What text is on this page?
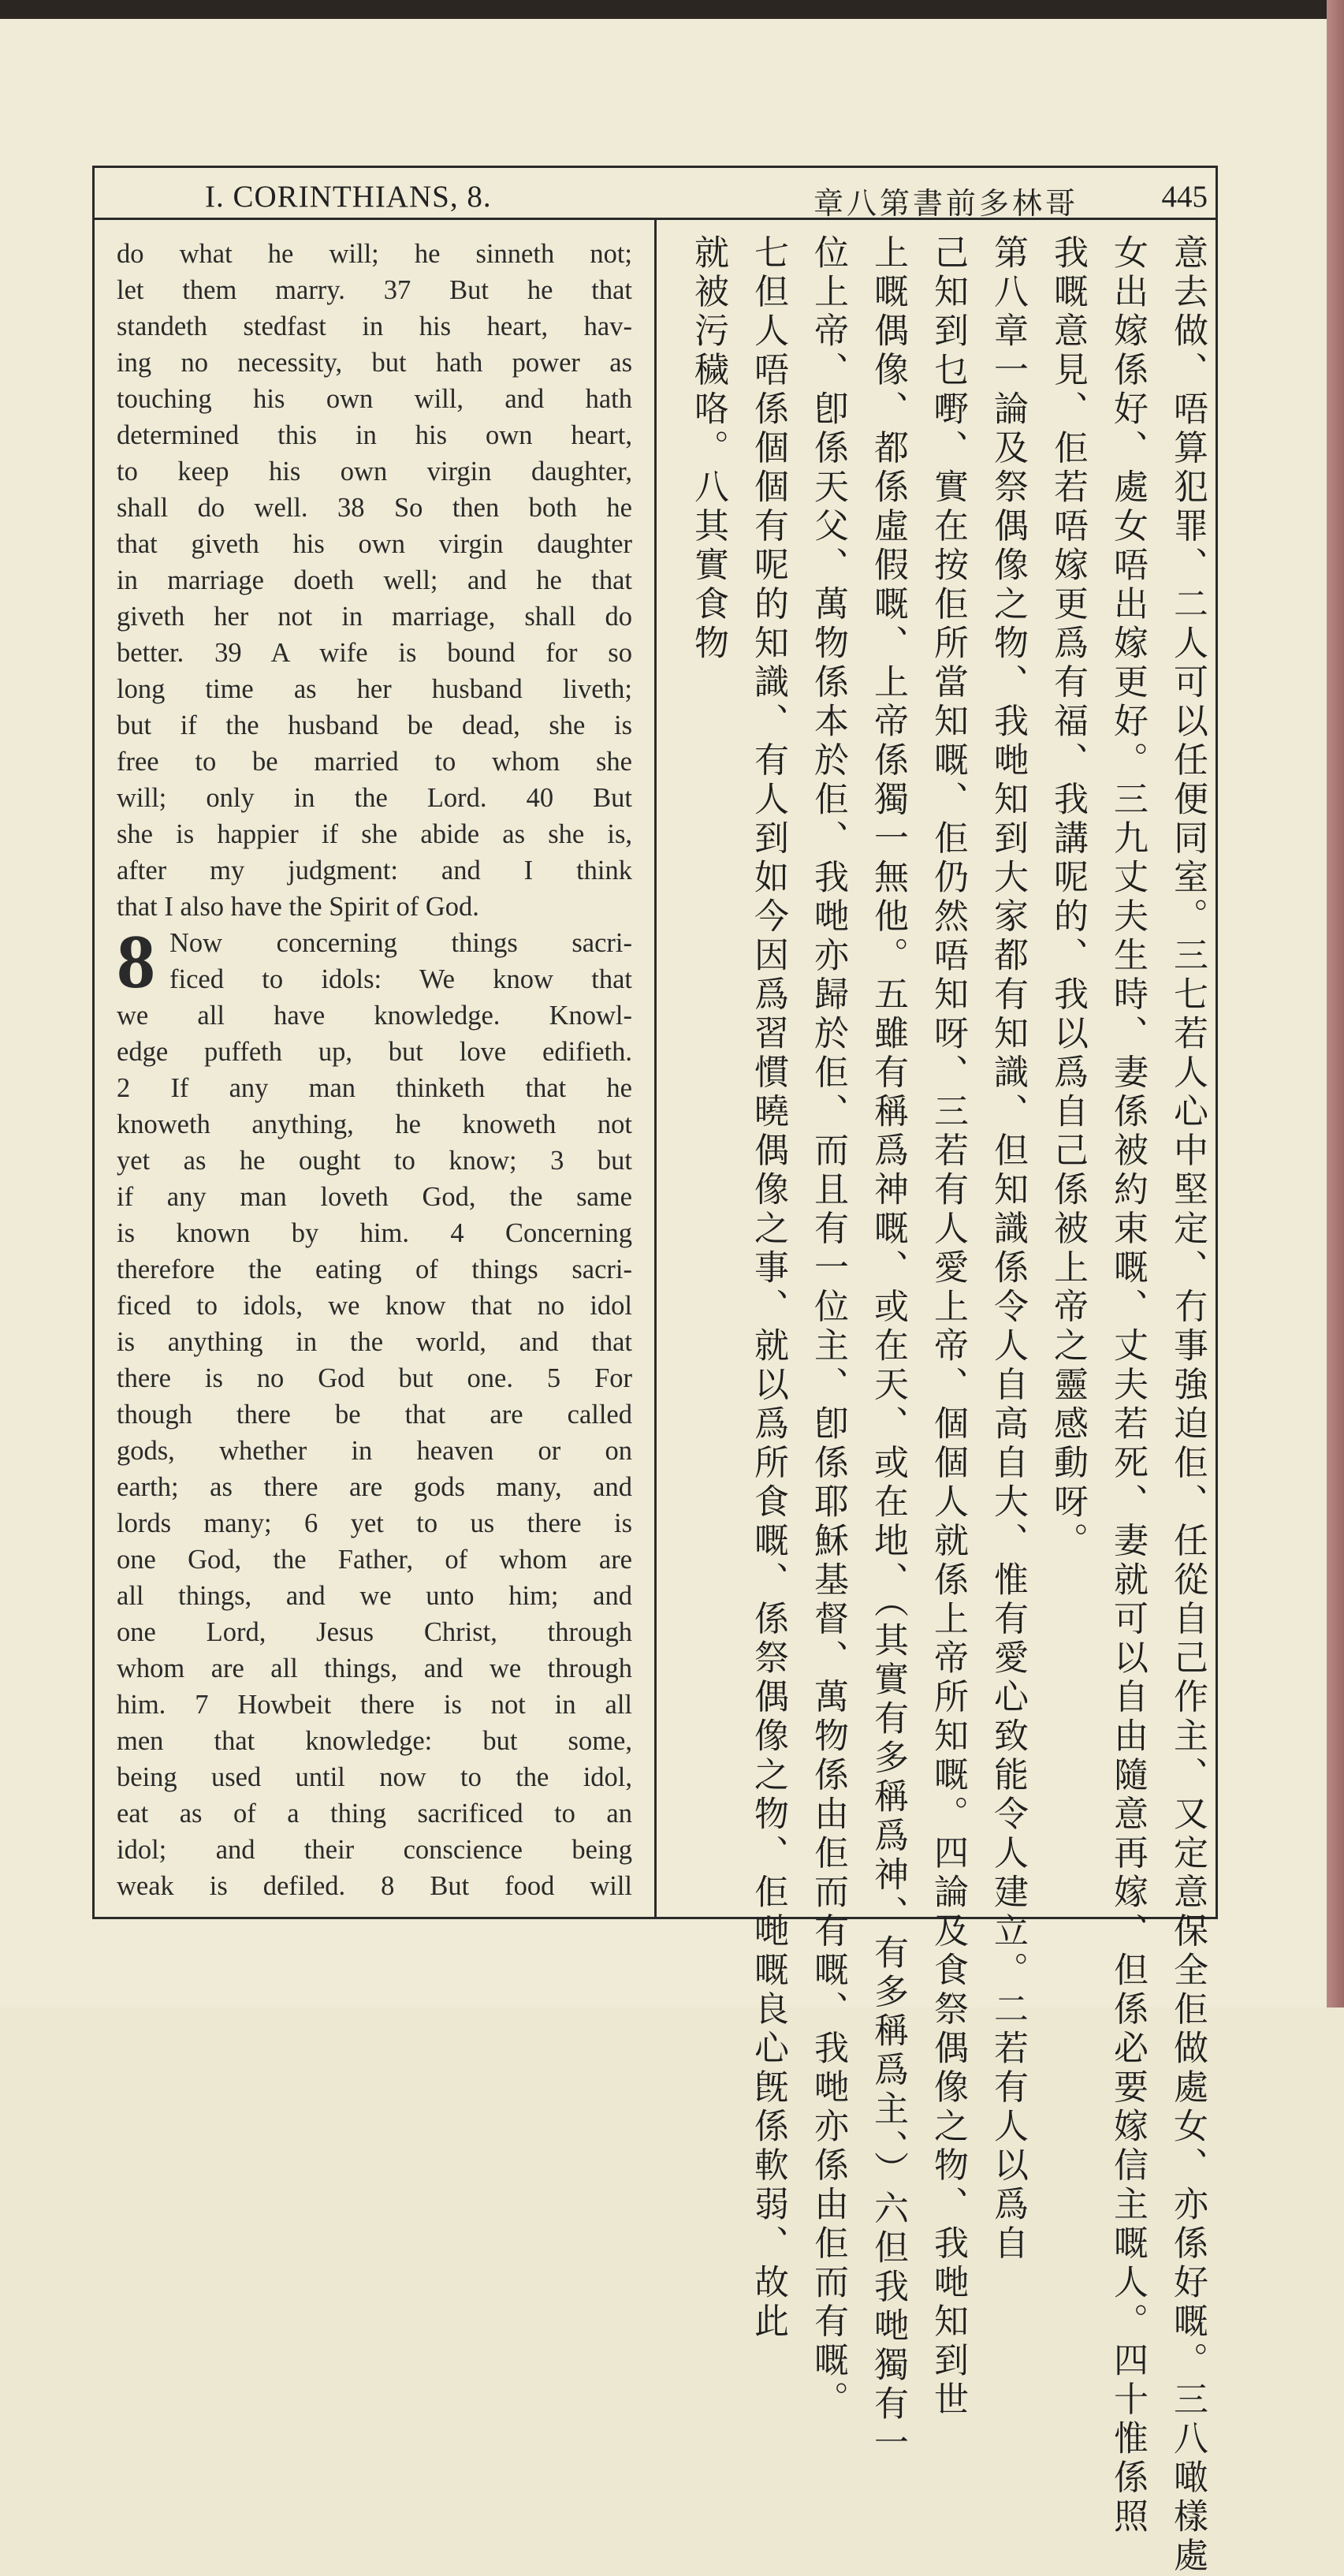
I. CORINTHIANS, 8.	哥林多前書第八章	445
do what he will; he sinneth not;
let them marry. 37 But he that
standeth stedfast in his heart, hav-
ing no necessity, but hath power as
touching his own will, and hath
determined this in his own heart,
to keep his own virgin daughter,
shall do well. 38 So then both he
that giveth his own virgin daughter
in marriage doeth well; and he that
giveth her not in marriage, shall do
better. 39 A wife is bound for so
long time as her husband liveth;
but if the husband be dead, she is
free to be married to whom she
will; only in the Lord. 40 But
she is happier if she abide as she is,
after my judgment: and I think
that I also have the Spirit of God.
8 Now concerning things sacri-
ficed to idols: We know that
we all have knowledge. Knowl-
edge puffeth up, but love edifieth.
2 If any man thinketh that he
knoweth anything, he knoweth not
yet as he ought to know; 3 but
if any man loveth God, the same
is known by him. 4 Concerning
therefore the eating of things sacri-
ficed to idols, we know that no idol
is anything in the world, and that
there is no God but one. 5 For
though there be that are called
gods, whether in heaven or on
earth; as there are gods many, and
lords many; 6 yet to us there is
one God, the Father, of whom are
all things, and we unto him; and
one Lord, Jesus Christ, through
whom are all things, and we through
him. 7 Howbeit there is not in all
men that knowledge: but some,
being used until now to the idol,
eat as of a thing sacrificed to an
idol; and their conscience being
weak is defiled. 8 But food will	意去做、唔算犯罪、二人可以任便同室。三七若人心中堅定、冇事強迫佢、任從自己作主、又定意保全佢做處女、亦係好嘅。三八噉樣處
女出嫁係好、處女唔出嫁更好。三九丈夫生時、妻係被約束嘅、丈夫若死、妻就可以自由隨意再嫁、但係必要嫁信主嘅人。四十惟係照
我嘅意見、佢若唔嫁更爲有福、我講呢的、我以爲自己係被上帝之靈感動呀。
第八章一論及祭偶像之物、我哋知到大家都有知識、但知識係令人自高自大、惟有愛心致能令人建立。二若有人以爲自
己知到乜嘢、實在按佢所當知嘅、佢仍然唔知呀、三若有人愛上帝、個個人就係上帝所知嘅。四論及食祭偶像之物、我哋知到世
上嘅偶像、都係虛假嘅、上帝係獨一無他。五雖有稱爲神嘅、或在天、或在地、（其實有多稱爲神、有多稱爲主、）六但我哋獨有一
位上帝、卽係天父、萬物係本於佢、我哋亦歸於佢、而且有一位主、卽係耶穌基督、萬物係由佢而有嘅、我哋亦係由佢而有嘅。
七但人唔係個個有呢的知識、有人到如今因爲習慣曉偶像之事、就以爲所食嘅、係祭偶像之物、佢哋嘅良心旣係軟弱、故此
就被污穢咯。八其實食物
